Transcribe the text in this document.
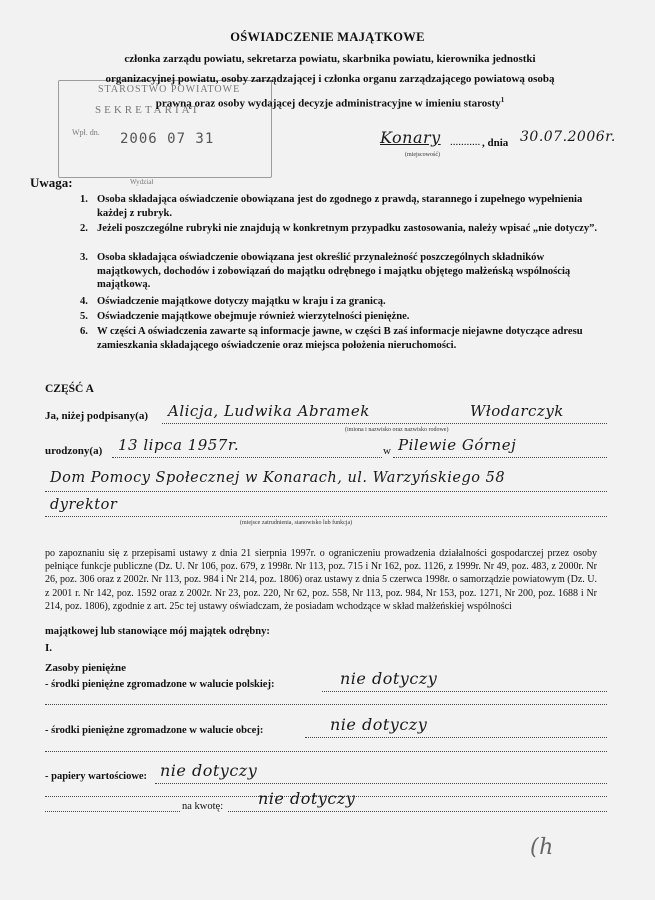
STAROSTWO POWIATOWE
SEKRETARIAT
Wpł. dn. 2006 07 31
Wydział
OŚWIADCZENIE MAJĄTKOWE
członka zarządu powiatu, sekretarza powiatu, skarbnika powiatu, kierownika jednostki
organizacyjnej powiatu, osoby zarządzającej i członka organu zarządzającego powiatową osobą
prawną oraz osoby wydającej decyzje administracyjne w imieniu starosty$^1$
Konary ........... , dnia 30.07.2006r.
(miejscowość)
Uwaga:
1. Osoba składająca oświadczenie obowiązana jest do zgodnego z prawdą, starannego i zupełnego wypełnienia każdej z rubryk.
2. Jeżeli poszczególne rubryki nie znajdują w konkretnym przypadku zastosowania, należy wpisać „nie dotyczy”.
3. Osoba składająca oświadczenie obowiązana jest określić przynależność poszczególnych składników majątkowych, dochodów i zobowiązań do majątku odrębnego i majątku objętego małżeńską wspólnością majątkową.
4. Oświadczenie majątkowe dotyczy majątku w kraju i za granicą.
5. Oświadczenie majątkowe obejmuje również wierzytelności pieniężne.
6. W części A oświadczenia zawarte są informacje jawne, w części B zaś informacje niejawne dotyczące adresu zamieszkania składającego oświadczenie oraz miejsca położenia nieruchomości.
CZĘŚĆ A
Ja, niżej podpisany(a) Alicja, Ludwika Abramek	Włodarczyk
(imiona i nazwisko oraz nazwisko rodowe)
urodzony(a) 13 lipca 1957r.	w Pilewie Górnej
Dom Pomocy Społecznej w Konarach, ul. Warzyńskiego 58
dyrektor
(miejsce zatrudnienia, stanowisko lub funkcja)
po zapoznaniu się z przepisami ustawy z dnia 21 sierpnia 1997r. o ograniczeniu prowadzenia działalności gospodarczej przez osoby pełniące funkcje publiczne (Dz. U. Nr 106, poz. 679, z 1998r. Nr 113, poz. 715 i Nr 162, poz. 1126, z 1999r. Nr 49, poz. 483, z 2000r. Nr 26, poz. 306 oraz z 2002r. Nr 113, poz. 984 i Nr 214, poz. 1806) oraz ustawy z dnia 5 czerwca 1998r. o samorządzie powiatowym (Dz. U. z 2001 r. Nr 142, poz. 1592 oraz z 2002r. Nr 23, poz. 220, Nr 62, poz. 558, Nr 113, poz. 984, Nr 153, poz. 1271, Nr 200, poz. 1688 i Nr 214, poz. 1806), zgodnie z art. 25c tej ustawy oświadczam, że posiadam wchodzące w skład małżeńskiej wspólności
majątkowej lub stanowiące mój majątek odrębny:
I.
Zasoby pieniężne
- środki pieniężne zgromadzone w walucie polskiej:	nie dotyczy
- środki pieniężne zgromadzone w walucie obcej:	nie dotyczy
- papiery wartościowe: nie dotyczy
na kwotę: nie dotyczy
(h
